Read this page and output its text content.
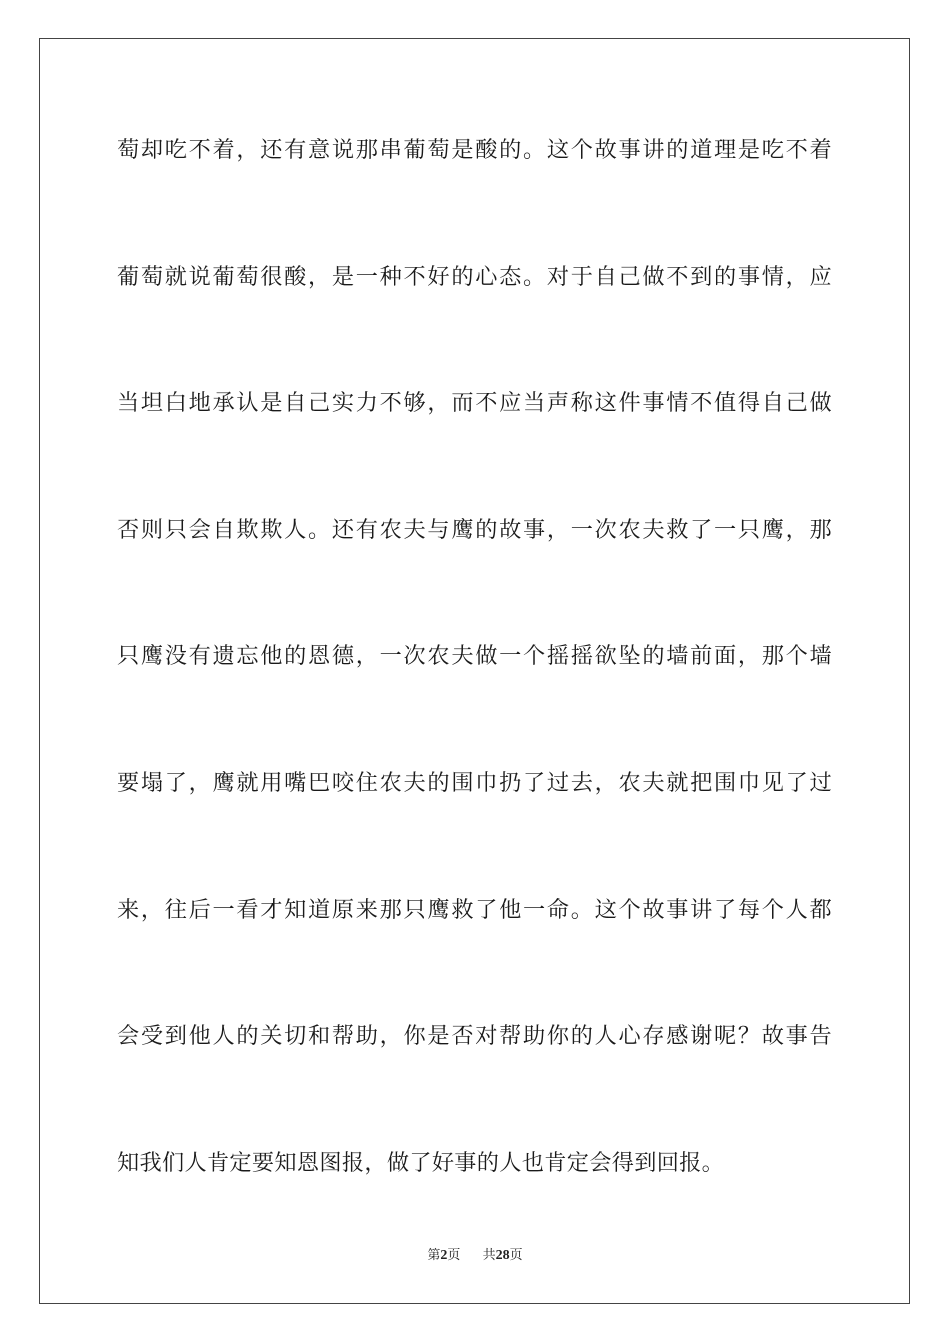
萄却吃不着，还有意说那串葡萄是酸的。这个故事讲的道理是吃不着
葡萄就说葡萄很酸，是一种不好的心态。对于自己做不到的事情，应
当坦白地承认是自己实力不够，而不应当声称这件事情不值得自己做
否则只会自欺欺人。还有农夫与鹰的故事，一次农夫救了一只鹰，那
只鹰没有遗忘他的恩德，一次农夫做一个摇摇欲坠的墙前面，那个墙
要塌了，鹰就用嘴巴咬住农夫的围巾扔了过去，农夫就把围巾见了过
来，往后一看才知道原来那只鹰救了他一命。这个故事讲了每个人都
会受到他人的关切和帮助，你是否对帮助你的人心存感谢呢？故事告
知我们人肯定要知恩图报，做了好事的人也肯定会得到回报。
第2页 共28页
